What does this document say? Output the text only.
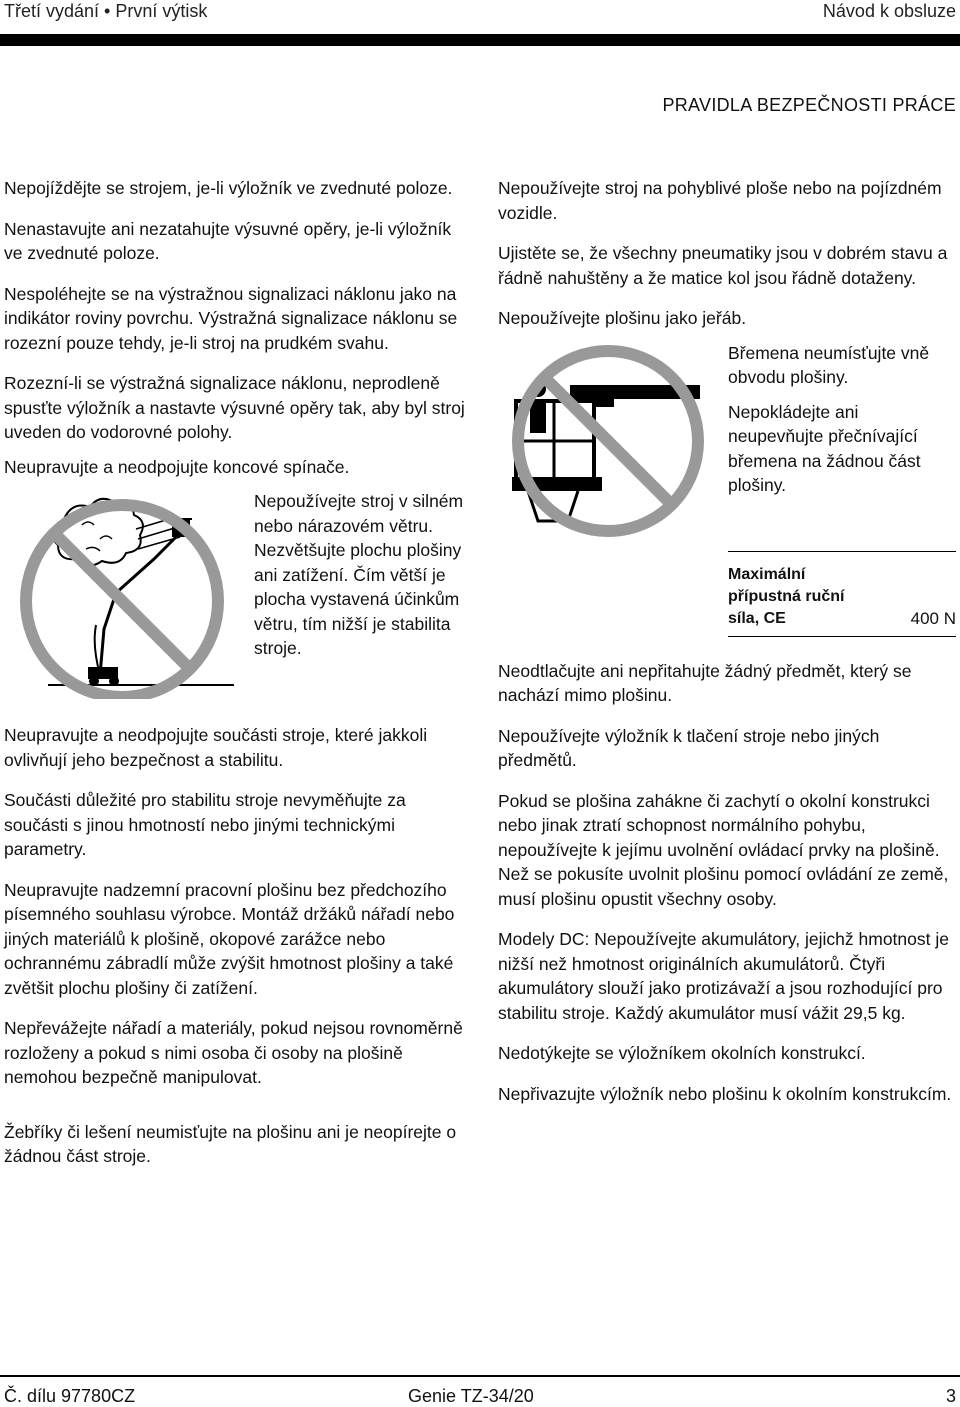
Třetí vydání • První výtisk	Návod k obsluze
PRAVIDLA BEZPEČNOSTI PRÁCE

Nepojíždějte se strojem, je-li výložník ve zvednuté poloze.

Nenastavujte ani nezatahujte výsuvné opěry, je-li výložník ve zvednuté poloze.

Nespoléhejte se na výstražnou signalizaci náklonu jako na indikátor roviny povrchu. Výstražná signalizace náklonu se rozezní pouze tehdy, je-li stroj na prudkém svahu.

Rozezní-li se výstražná signalizace náklonu, neprodleně spusťte výložník a nastavte výsuvné opěry tak, aby byl stroj uveden do vodorovné polohy.

Neupravujte a neodpojujte koncové spínače.

Nepoužívejte stroj v silném nebo nárazovém větru. Nezvětšujte plochu plošiny ani zatížení. Čím větší je plocha vystavená účinkům větru, tím nižší je stabilita stroje.

Neupravujte a neodpojujte součásti stroje, které jakkoli ovlivňují jeho bezpečnost a stabilitu.

Součásti důležité pro stabilitu stroje nevyměňujte za součásti s jinou hmotností nebo jinými technickými parametry.

Neupravujte nadzemní pracovní plošinu bez předchozího písemného souhlasu výrobce. Montáž držáků nářadí nebo jiných materiálů k plošině, okopové zarážce nebo ochrannému zábradlí může zvýšit hmotnost plošiny a také zvětšit plochu plošiny či zatížení.

Nepřevážejte nářadí a materiály, pokud nejsou rovnoměrně rozloženy a pokud s nimi osoba či osoby na plošině nemohou bezpečně manipulovat.

Žebříky či lešení neumisťujte na plošinu ani je neopírejte o žádnou část stroje.

Nepoužívejte stroj na pohyblivé ploše nebo na pojízdném vozidle.

Ujistěte se, že všechny pneumatiky jsou v dobrém stavu a řádně nahuštěny a že matice kol jsou řádně dotaženy.

Nepoužívejte plošinu jako jeřáb.

Břemena neumísťujte vně obvodu plošiny.

Nepokládejte ani neupevňujte přečnívající břemena na žádnou část plošiny.

Maximální přípustná ruční síla, CE	400 N

Neodtlačujte ani nepřitahujte žádný předmět, který se nachází mimo plošinu.

Nepoužívejte výložník k tlačení stroje nebo jiných předmětů.

Pokud se plošina zahákne či zachytí o okolní konstrukci nebo jinak ztratí schopnost normálního pohybu, nepoužívejte k jejímu uvolnění ovládací prvky na plošině. Než se pokusíte uvolnit plošinu pomocí ovládání ze země, musí plošinu opustit všechny osoby.

Modely DC: Nepoužívejte akumulátory, jejichž hmotnost je nižší než hmotnost originálních akumulátorů. Čtyři akumulátory slouží jako protizávaží a jsou rozhodující pro stabilitu stroje. Každý akumulátor musí vážit 29,5 kg.

Nedotýkejte se výložníkem okolních konstrukcí.

Nepřivazujte výložník nebo plošinu k okolním konstrukcím.

Č. dílu 97780CZ	Genie TZ-34/20	3
